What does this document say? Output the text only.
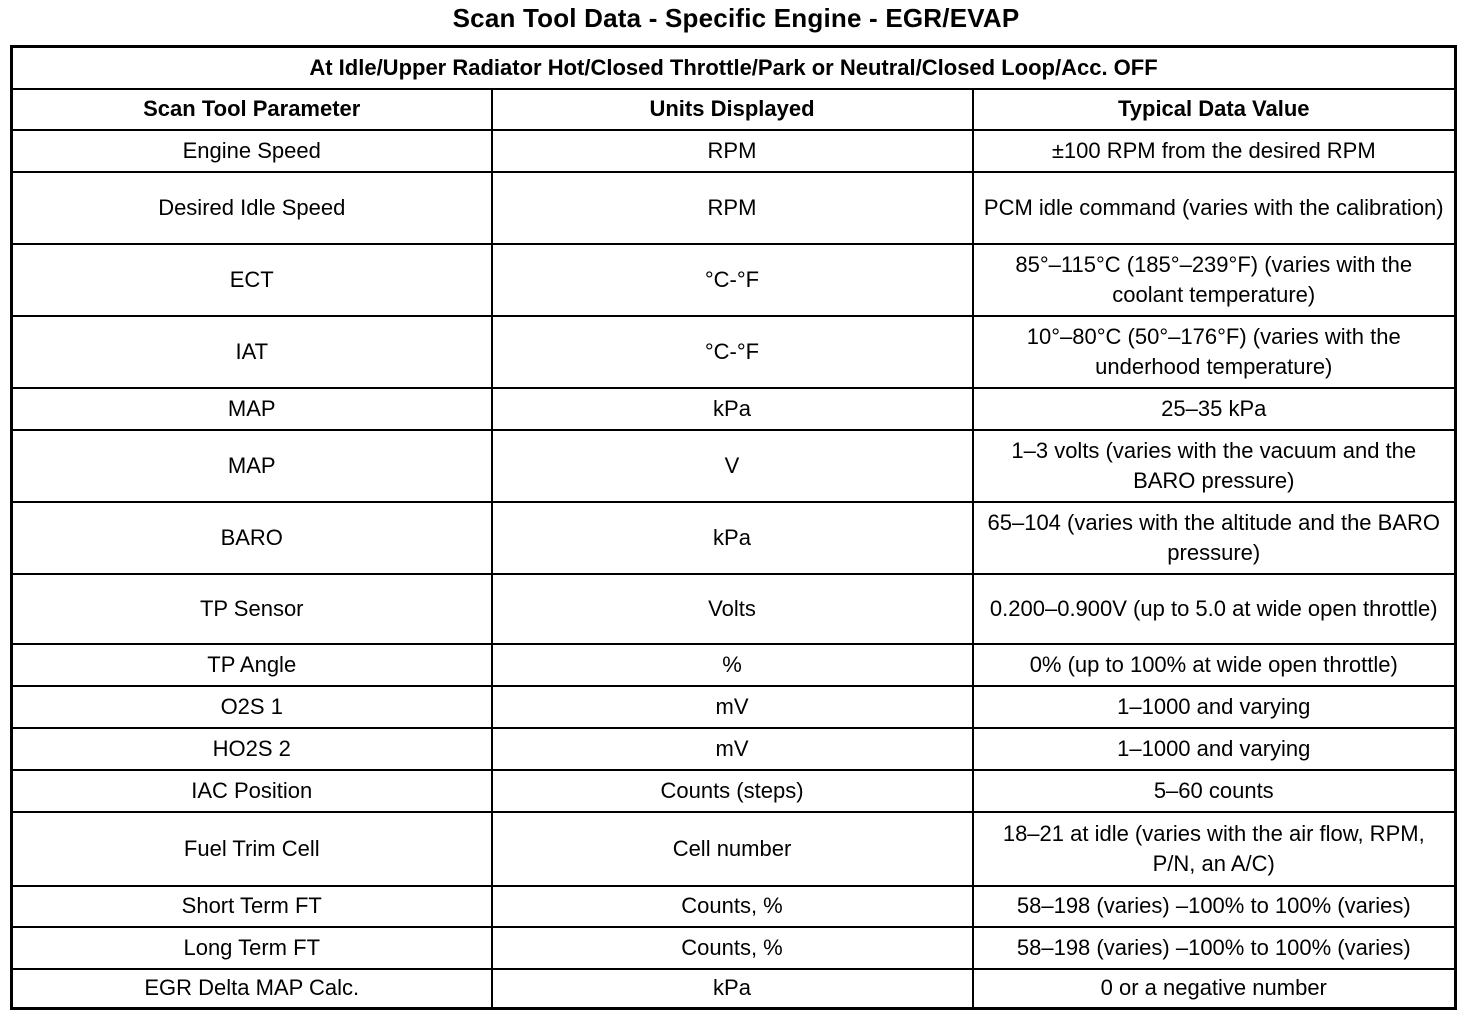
Scan Tool Data - Specific Engine - EGR/EVAP
At Idle/Upper Radiator Hot/Closed Throttle/Park or Neutral/Closed Loop/Acc. OFF		
Scan Tool Parameter	Units Displayed	Typical Data Value
Engine Speed	RPM	±100 RPM from the desired RPM
Desired Idle Speed	RPM	PCM idle command (varies with the calibration)
ECT	°C-°F	85°–115°C (185°–239°F) (varies with the coolant temperature)
IAT	°C-°F	10°–80°C (50°–176°F) (varies with the underhood temperature)
MAP	kPa	25–35 kPa
MAP	V	1–3 volts (varies with the vacuum and the BARO pressure)
BARO	kPa	65–104 (varies with the altitude and the BARO pressure)
TP Sensor	Volts	0.200–0.900V (up to 5.0 at wide open throttle)
TP Angle	%	0% (up to 100% at wide open throttle)
O2S 1	mV	1–1000 and varying
HO2S 2	mV	1–1000 and varying
IAC Position	Counts (steps)	5–60 counts
Fuel Trim Cell	Cell number	18–21 at idle (varies with the air flow, RPM, P/N, an A/C)
Short Term FT	Counts, %	58–198 (varies) –100% to 100% (varies)
Long Term FT	Counts, %	58–198 (varies) –100% to 100% (varies)
EGR Delta MAP Calc.	kPa	0 or a negative number
